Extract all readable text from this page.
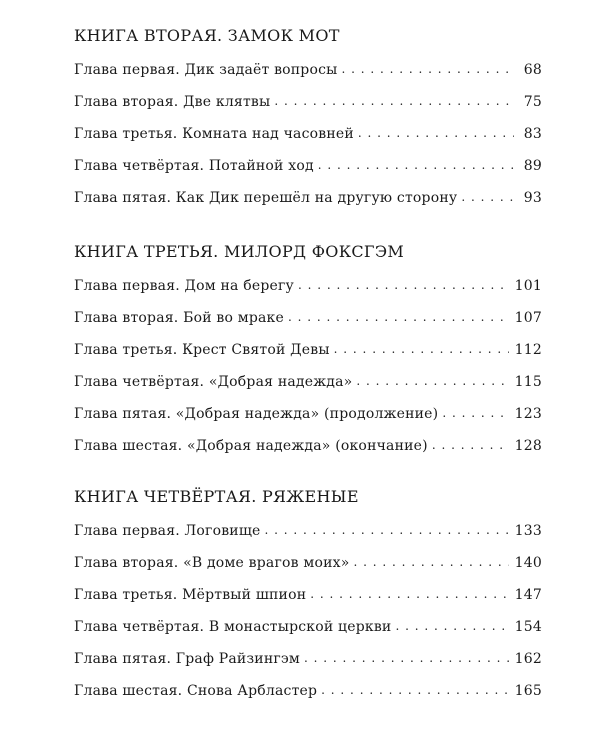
КНИГА ВТОРАЯ. ЗАМОК МОТ
Глава первая. Дик задаёт вопросы . . .	68
Глава вторая. Две клятвы . . .	75
Глава третья. Комната над часовней . . .	83
Глава четвёртая. Потайной ход . . .	89
Глава пятая. Как Дик перешёл на другую сторону . . .	93
КНИГА ТРЕТЬЯ. МИЛОРД ФОКСГЭМ
Глава первая. Дом на берегу . . .	101
Глава вторая. Бой во мраке . . .	107
Глава третья. Крест Святой Девы . . .	112
Глава четвёртая. «Добрая надежда» . . .	115
Глава пятая. «Добрая надежда» (продолжение) . . .	123
Глава шестая. «Добрая надежда» (окончание) . . .	128
КНИГА ЧЕТВЁРТАЯ. РЯЖЕНЫЕ
Глава первая. Логовище . . .	133
Глава вторая. «В доме врагов моих» . . .	140
Глава третья. Мёртвый шпион . . .	147
Глава четвёртая. В монастырской церкви . . .	154
Глава пятая. Граф Райзингэм . . .	162
Глава шестая. Снова Арбластер . . .	165
